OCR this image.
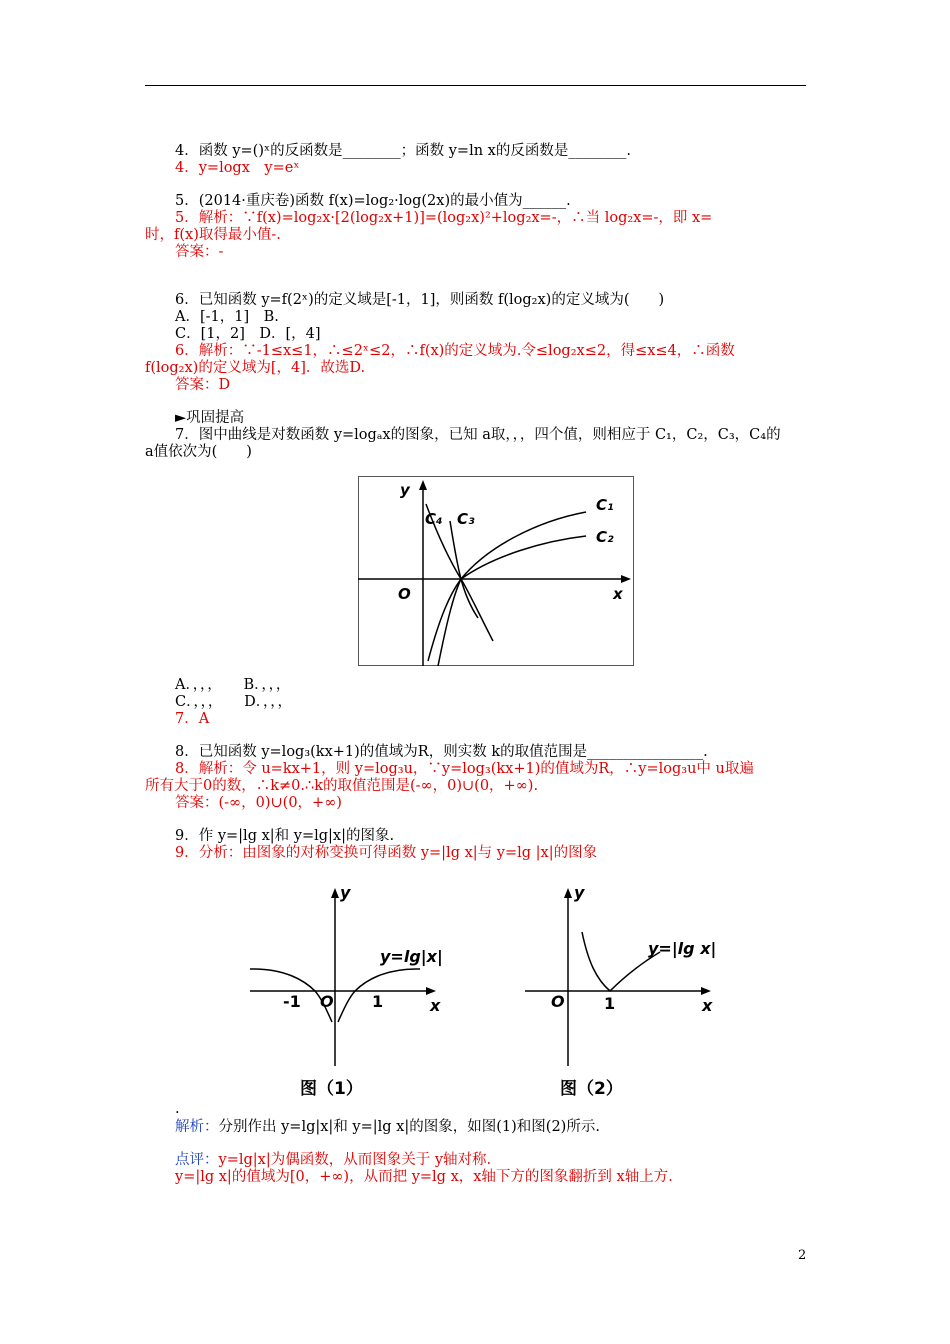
4．函数 y=()ˣ的反函数是________；函数 y=ln x的反函数是________.
4．y=logx　y=eˣ
5．(2014·重庆卷)函数 f(x)=log₂·log(2x)的最小值为______.
5．解析：∵f(x)=log₂x·[2(log₂x+1)]=(log₂x)²+log₂x=-，∴当 log₂x=-，即 x=
时，f(x)取得最小值-.
答案：-
6．已知函数 y=f(2ˣ)的定义域是[-1，1]，则函数 f(log₂x)的定义域为(　　)
A．[-1，1]　B.
C．[1，2]　D．[，4]
6．解析：∵-1≤x≤1，∴≤2ˣ≤2，∴f(x)的定义域为.令≤log₂x≤2，得≤x≤4，∴函数
f(log₂x)的定义域为[，4]．故选D.
答案：D
►巩固提高
7．图中曲线是对数函数 y=logₐx的图象，已知 a取，，，四个值，则相应于 C₁，C₂，C₃，C₄的
a值依次为(　　)
y
x
O
C₄ C₃
C₁
C₂
A．，，，　　B．，，，
C．，，，　　D．，，，
7．A
8．已知函数 y=log₃(kx+1)的值域为R，则实数 k的取值范围是________________.
8．解析：令 u=kx+1，则 y=log₃u，∵y=log₃(kx+1)的值域为R，∴y=log₃u中 u取遍
所有大于0的数，∴k≠0.∴k的取值范围是(-∞，0)∪(0，+∞).
答案：(-∞，0)∪(0，+∞)
9．作 y=|lg x|和 y=lg|x|的图象.
9．分析：由图象的对称变换可得函数 y=|lg x|与 y=lg |x|的图象
y
x
O
-1	1
y=lg|x|
图（1）
y
x
O 1
y=|lg x|
图（2）
.
解析：分别作出 y=lg|x|和 y=|lg x|的图象，如图(1)和图(2)所示.
点评：y=lg|x|为偶函数，从而图象关于 y轴对称.
y=|lg x|的值域为[0，+∞)，从而把 y=lg x，x轴下方的图象翻折到 x轴上方.
2
